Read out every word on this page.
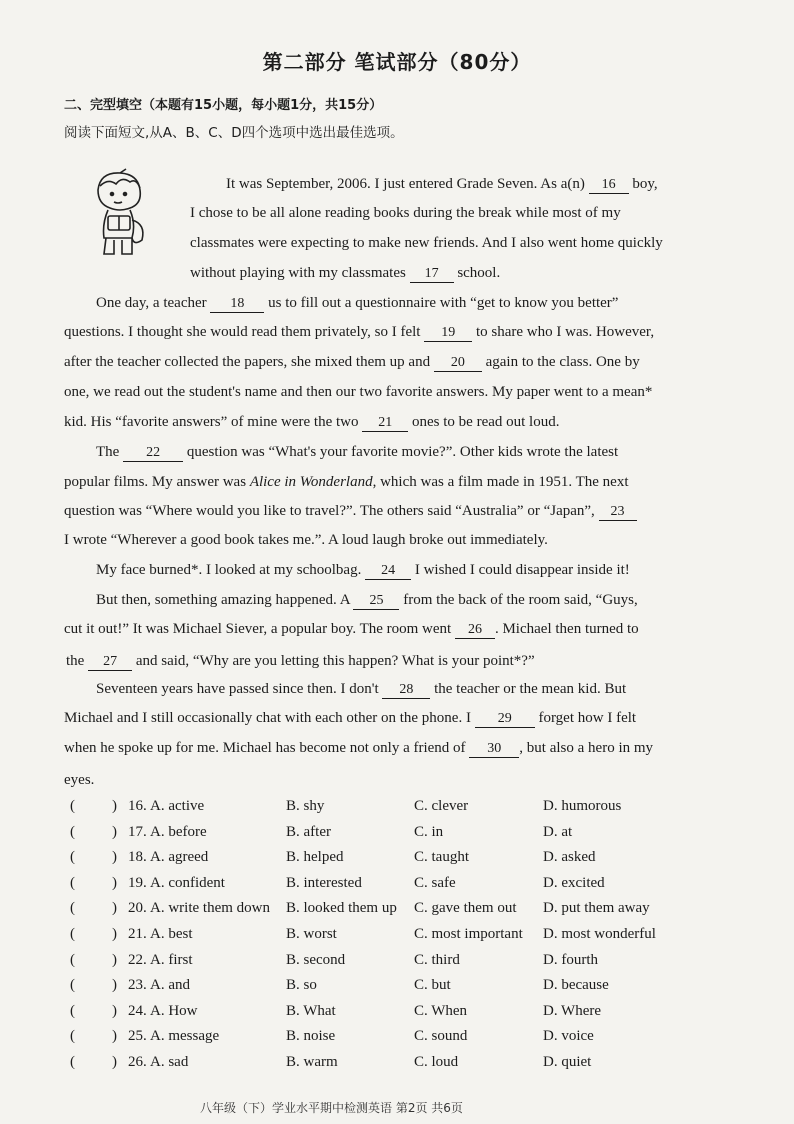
第二部分 笔试部分（80分）
二、完型填空（本题有15小题，每小题1分，共15分）
阅读下面短文,从A、B、C、D四个选项中选出最佳选项。
It was September, 2006. I just entered Grade Seven. As a(n) 16 boy,
I chose to be all alone reading books during the break while most of my
classmates were expecting to make new friends. And I also went home quickly
without playing with my classmates 17 school.
One day, a teacher 18 us to fill out a questionnaire with “get to know you better”
questions. I thought she would read them privately, so I felt 19 to share who I was. However,
after the teacher collected the papers, she mixed them up and 20 again to the class. One by
one, we read out the student's name and then our two favorite answers. My paper went to a mean*
kid. His “favorite answers” of mine were the two 21 ones to be read out loud.
The 22 question was “What's your favorite movie?”. Other kids wrote the latest
popular films. My answer was Alice in Wonderland, which was a film made in 1951. The next
question was “Where would you like to travel?”. The others said “Australia” or “Japan”, 23
I wrote “Wherever a good book takes me.”. A loud laugh broke out immediately.
My face burned*. I looked at my schoolbag. 24 I wished I could disappear inside it!
But then, something amazing happened. A 25 from the back of the room said, “Guys,
cut it out!” It was Michael Siever, a popular boy. The room went 26 . Michael then turned to
the 27 and said, “Why are you letting this happen? What is your point*?”
Seventeen years have passed since then. I don't 28 the teacher or the mean kid. But
Michael and I still occasionally chat with each other on the phone. I 29 forget how I felt
when he spoke up for me. Michael has become not only a friend of 30 , but also a hero in my
eyes.
( ) 16. A. active	B. shy	C. clever	D. humorous
( ) 17. A. before	B. after	C. in	D. at
( ) 18. A. agreed	B. helped	C. taught	D. asked
( ) 19. A. confident	B. interested	C. safe	D. excited
( ) 20. A. write them down B. looked them up C. gave them out D. put them away
( ) 21. A. best	B. worst	C. most important D. most wonderful
( ) 22. A. first	B. second	C. third	D. fourth
( ) 23. A. and	B. so	C. but	D. because
( ) 24. A. How	B. What	C. When	D. Where
( ) 25. A. message	B. noise	C. sound	D. voice
( ) 26. A. sad	B. warm	C. loud	D. quiet
八年级（下）学业水平期中检测英语 第2页 共6页
